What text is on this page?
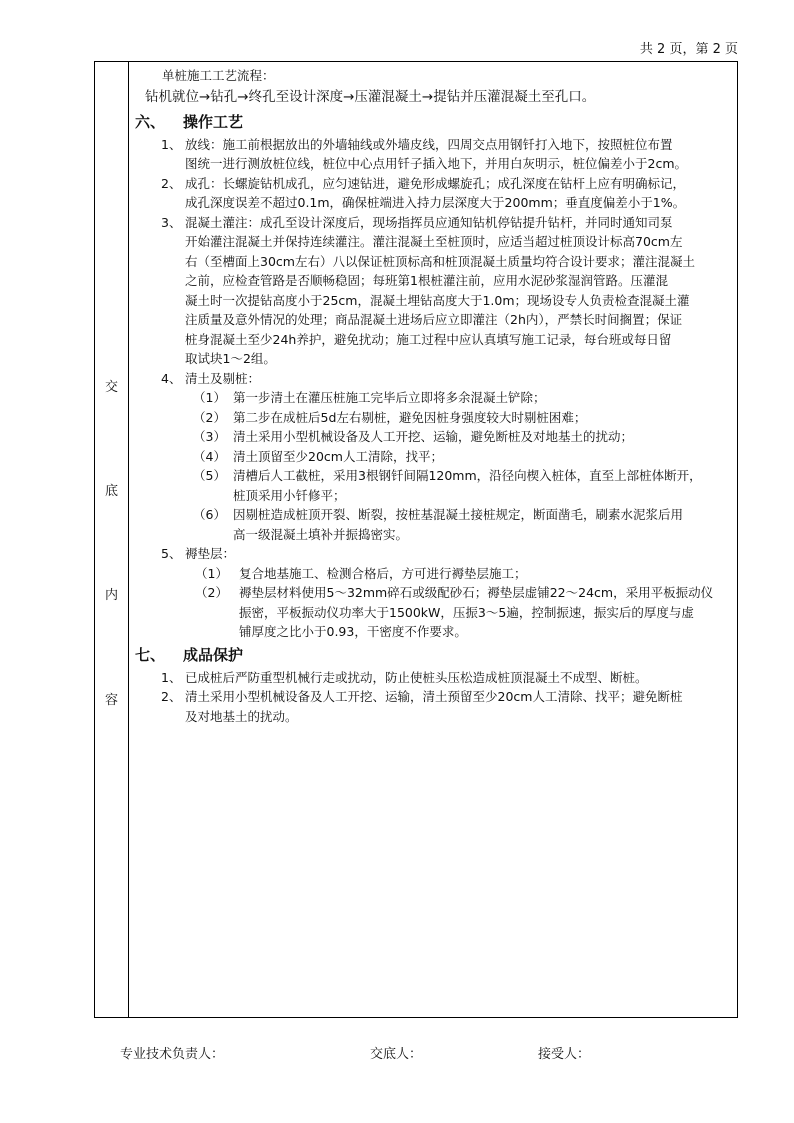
共 2 页，第 2 页
交
底
内
容
单桩施工工艺流程：
钻机就位→钻孔→终孔至设计深度→压灌混凝土→提钻并压灌混凝土至孔口。
六、 操作工艺
1、 放线：施工前根据放出的外墙轴线或外墙皮线，四周交点用钢钎打入地下，按照桩位布置
图统一进行测放桩位线，桩位中心点用钎子插入地下，并用白灰明示，桩位偏差小于2cm。
2、 成孔：长螺旋钻机成孔，应匀速钻进，避免形成螺旋孔；成孔深度在钻杆上应有明确标记，
成孔深度误差不超过0.1m，确保桩端进入持力层深度大于200mm；垂直度偏差小于1%。
3、 混凝土灌注：成孔至设计深度后，现场指挥员应通知钻机停钻提升钻杆，并同时通知司泵
开始灌注混凝土并保持连续灌注。灌注混凝土至桩顶时，应适当超过桩顶设计标高70cm左
右（至槽面上30cm左右）八以保证桩顶标高和桩顶混凝土质量均符合设计要求；灌注混凝土
之前，应检查管路是否顺畅稳固；每班第1根桩灌注前，应用水泥砂浆湿润管路。压灌混
凝土时一次提钻高度小于25cm，混凝土埋钻高度大于1.0m；现场设专人负责检查混凝土灌
注质量及意外情况的处理；商品混凝土进场后应立即灌注（2h内），严禁长时间搁置；保证
桩身混凝土至少24h养护，避免扰动；施工过程中应认真填写施工记录，每台班或每日留
取试块1～2组。
4、 清土及剔桩：
（1） 第一步清土在灌压桩施工完毕后立即将多余混凝土铲除；
（2） 第二步在成桩后5d左右剔桩，避免因桩身强度较大时剔桩困难；
（3） 清土采用小型机械设备及人工开挖、运输，避免断桩及对地基土的扰动；
（4） 清土顶留至少20cm人工清除，找平；
（5） 清槽后人工截桩，采用3根钢钎间隔120mm，沿径向楔入桩体，直至上部桩体断开，
桩顶采用小钎修平；
（6） 因剔桩造成桩顶开裂、断裂，按桩基混凝土接桩规定，断面凿毛，刷素水泥浆后用
高一级混凝土填补并振捣密实。
5、 褥垫层：
（1） 复合地基施工、检测合格后，方可进行褥垫层施工；
（2） 褥垫层材料使用5～32mm碎石或级配砂石；褥垫层虚铺22～24cm，采用平板振动仪
振密，平板振动仪功率大于1500kW，压振3～5遍，控制振速，振实后的厚度与虚
铺厚度之比小于0.93，干密度不作要求。
七、 成品保护
1、 已成桩后严防重型机械行走或扰动，防止使桩头压松造成桩顶混凝土不成型、断桩。
2、 清土采用小型机械设备及人工开挖、运输，清土预留至少20cm人工清除、找平；避免断桩
及对地基土的扰动。
专业技术负责人：	交底人：	接受人：
